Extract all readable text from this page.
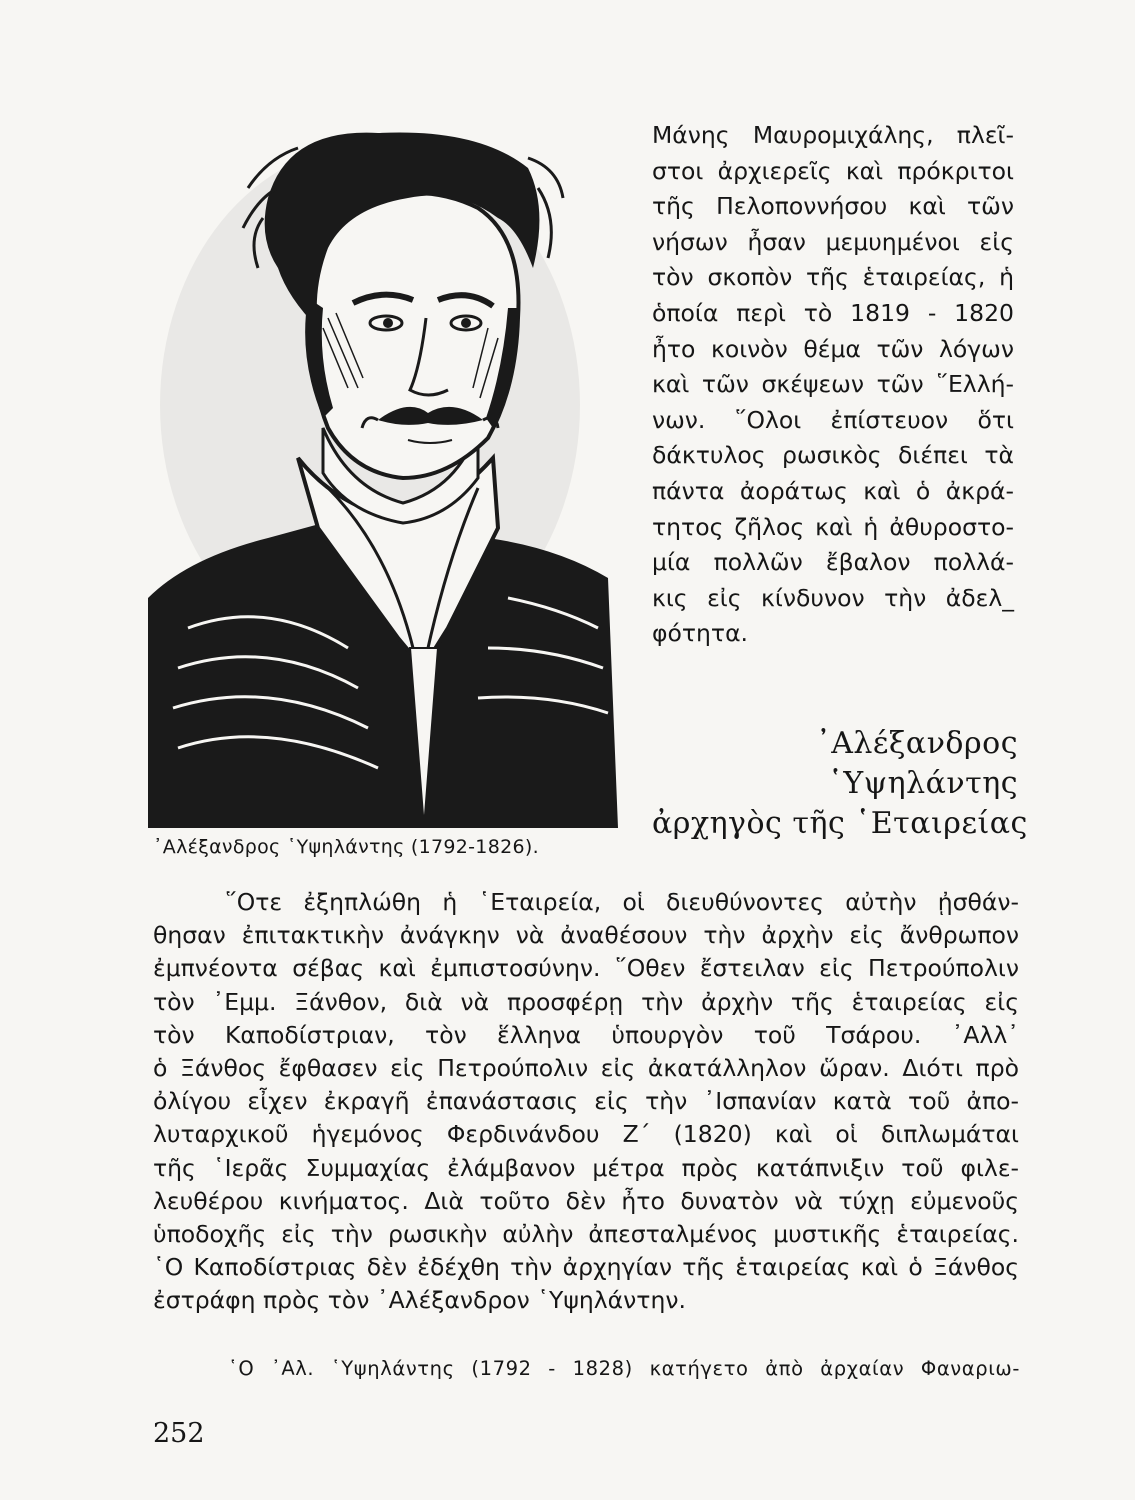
᾿Αλέξανδρος ῾Υψηλάντης (1792-1826).
Μάνης Μαυρομιχάλης, πλεῖ-
στοι ἀρχιερεῖς καὶ πρόκριτοι
τῆς Πελοποννήσου καὶ τῶν
νήσων ἦσαν μεμυημένοι εἰς
τὸν σκοπὸν τῆς ἑταιρείας, ἡ
ὁποία περὶ τὸ 1819 - 1820
ἦτο κοινὸν θέμα τῶν λόγων
καὶ τῶν σκέψεων τῶν ῞Ελλή-
νων. ῞Ολοι ἐπίστευον ὅτι
δάκτυλος ρωσικὸς διέπει τὰ
πάντα ἀοράτως καὶ ὁ ἀκρά-
τητος ζῆλος καὶ ἡ ἀθυροστο-
μία πολλῶν ἔβαλον πολλά-
κις εἰς κίνδυνον τὴν ἀδελ_
φότητα.
᾿Αλέξανδρος
῾Υψηλάντης
ἀρχηγὸς τῆς ῾Εταιρείας
῞Οτε ἐξηπλώθη ἡ ῾Εταιρεία, οἱ διευθύνοντες αὐτὴν ᾐσθάν-
θησαν ἐπιτακτικὴν ἀνάγκην νὰ ἀναθέσουν τὴν ἀρχὴν εἰς ἄνθρωπον
ἐμπνέοντα σέβας καὶ ἐμπιστοσύνην. ῞Οθεν ἔστειλαν εἰς Πετρούπολιν
τὸν ᾿Εμμ. Ξάνθον, διὰ νὰ προσφέρῃ τὴν ἀρχὴν τῆς ἑταιρείας εἰς
τὸν Καποδίστριαν, τὸν ἕλληνα ὑπουργὸν τοῦ Τσάρου. ᾿Αλλ᾿
ὁ Ξάνθος ἔφθασεν εἰς Πετρούπολιν εἰς ἀκατάλληλον ὥραν. Διότι πρὸ
ὀλίγου εἶχεν ἐκραγῆ ἐπανάστασις εἰς τὴν ᾿Ισπανίαν κατὰ τοῦ ἀπο-
λυταρχικοῦ ἡγεμόνος Φερδινάνδου Ζ΄ (1820) καὶ οἱ διπλωμάται
τῆς ῾Ιερᾶς Συμμαχίας ἐλάμβανον μέτρα πρὸς κατάπνιξιν τοῦ φιλε-
λευθέρου κινήματος. Διὰ τοῦτο δὲν ἦτο δυνατὸν νὰ τύχῃ εὐμενοῦς
ὑποδοχῆς εἰς τὴν ρωσικὴν αὐλὴν ἀπεσταλμένος μυστικῆς ἑταιρείας.
῾Ο Καποδίστριας δὲν ἐδέχθη τὴν ἀρχηγίαν τῆς ἑταιρείας καὶ ὁ Ξάνθος
ἐστράφη πρὸς τὸν ᾿Αλέξανδρον ῾Υψηλάντην.
῾Ο ᾿Αλ. ῾Υψηλάντης (1792 - 1828) κατήγετο ἀπὸ ἀρχαίαν Φαναριω-
252
